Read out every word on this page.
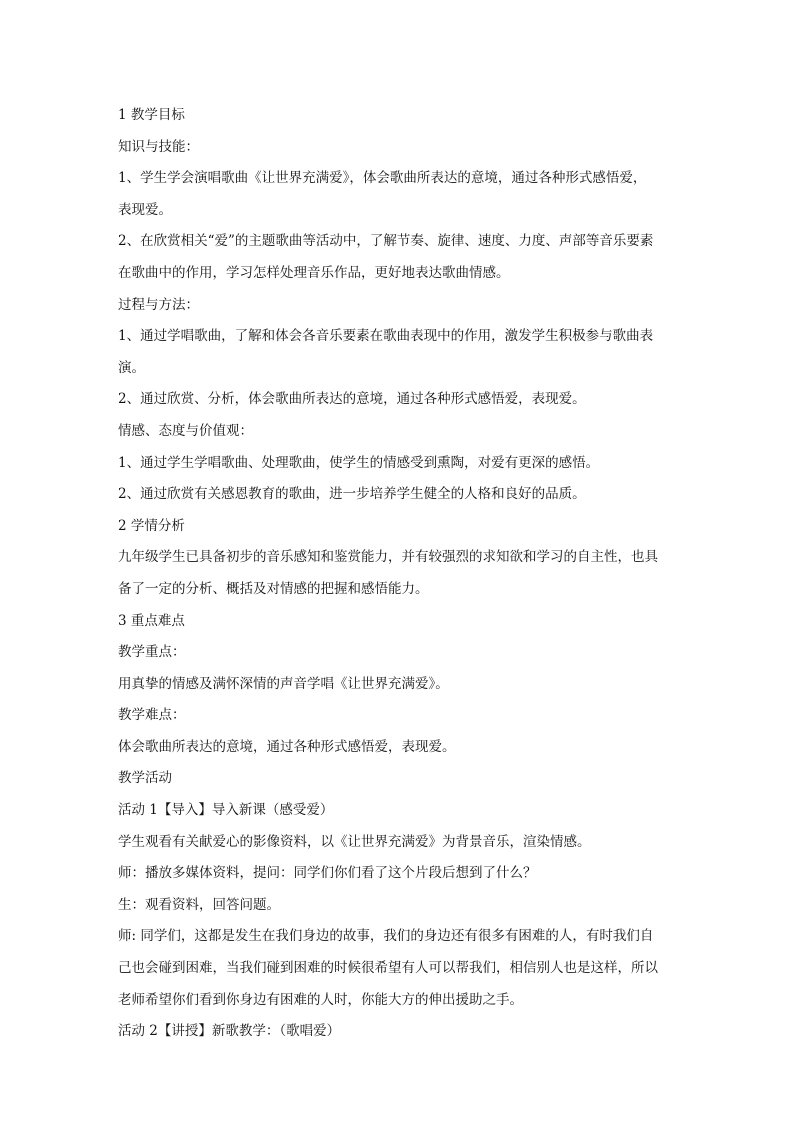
1 教学目标

知识与技能：

1、学生学会演唱歌曲《让世界充满爱》，体会歌曲所表达的意境，通过各种形式感悟爱，

表现爱。

2、在欣赏相关“爱”的主题歌曲等活动中，了解节奏、旋律、速度、力度、声部等音乐要素

在歌曲中的作用，学习怎样处理音乐作品，更好地表达歌曲情感。

过程与方法：

1、通过学唱歌曲，了解和体会各音乐要素在歌曲表现中的作用，激发学生积极参与歌曲表

演。

2、通过欣赏、分析，体会歌曲所表达的意境，通过各种形式感悟爱，表现爱。

情感、态度与价值观：

1、通过学生学唱歌曲、处理歌曲，使学生的情感受到熏陶，对爱有更深的感悟。

2、通过欣赏有关感恩教育的歌曲，进一步培养学生健全的人格和良好的品质。

2 学情分析

九年级学生已具备初步的音乐感知和鉴赏能力，并有较强烈的求知欲和学习的自主性，也具

备了一定的分析、概括及对情感的把握和感悟能力。

3 重点难点

教学重点：

用真挚的情感及满怀深情的声音学唱《让世界充满爱》。

教学难点：

体会歌曲所表达的意境，通过各种形式感悟爱，表现爱。

教学活动

活动 1【导入】导入新课（感受爱）

学生观看有关献爱心的影像资料，以《让世界充满爱》为背景音乐，渲染情感。

师：播放多媒体资料，提问：同学们你们看了这个片段后想到了什么？

生：观看资料，回答问题。

师: 同学们，这都是发生在我们身边的故事，我们的身边还有很多有困难的人，有时我们自

己也会碰到困难，当我们碰到困难的时候很希望有人可以帮我们，相信别人也是这样，所以

老师希望你们看到你身边有困难的人时，你能大方的伸出援助之手。

活动 2【讲授】新歌教学：（歌唱爱）
